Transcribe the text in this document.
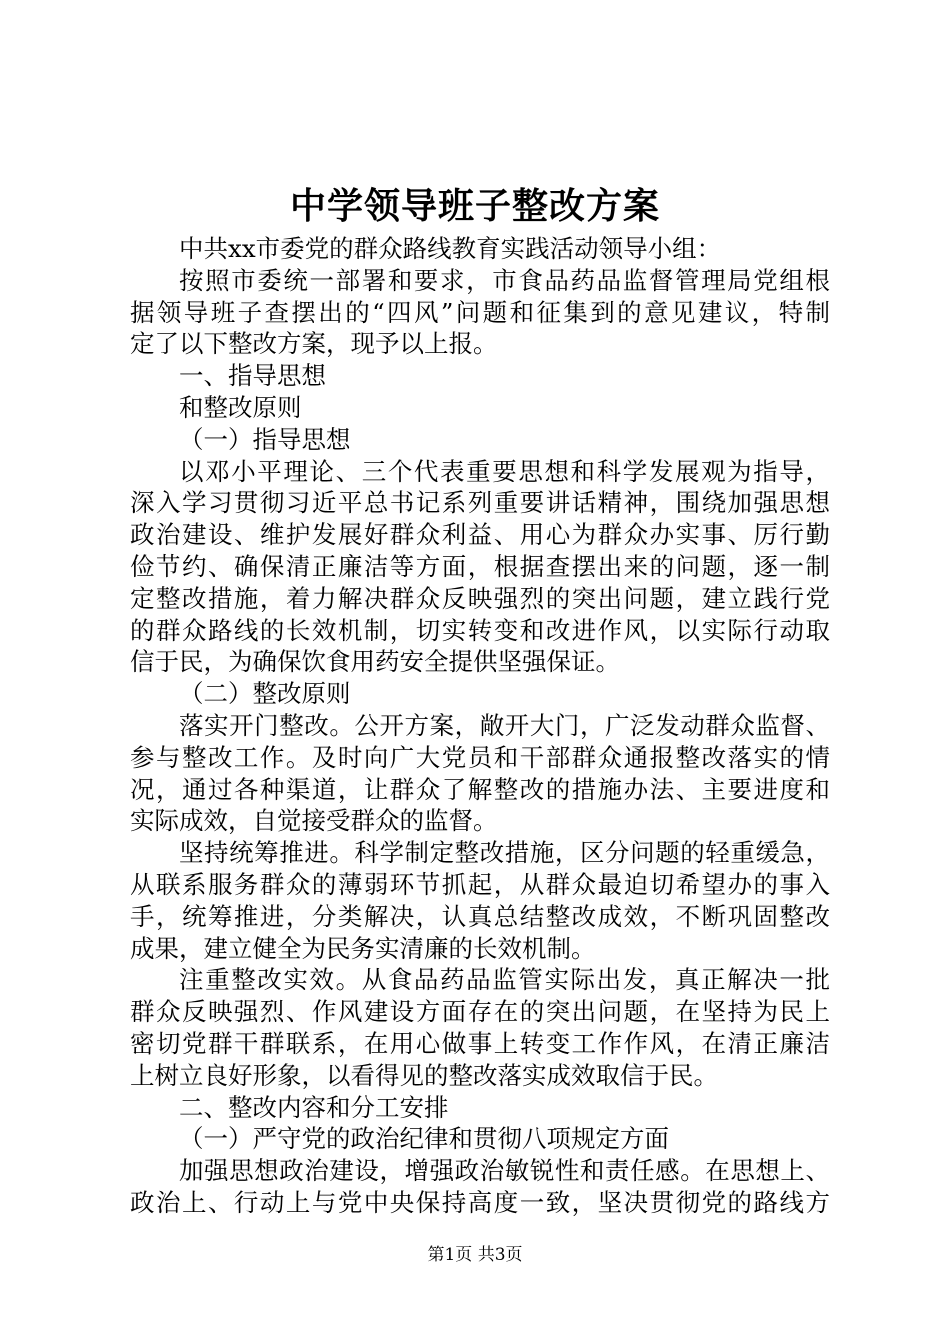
中学领导班子整改方案
中共xx市委党的群众路线教育实践活动领导小组：
按照市委统一部署和要求，市食品药品监督管理局党组根
据领导班子查摆出的“四风”问题和征集到的意见建议，特制
定了以下整改方案，现予以上报。
一、指导思想
和整改原则
（一）指导思想
以邓小平理论、三个代表重要思想和科学发展观为指导，
深入学习贯彻习近平总书记系列重要讲话精神，围绕加强思想
政治建设、维护发展好群众利益、用心为群众办实事、厉行勤
俭节约、确保清正廉洁等方面，根据查摆出来的问题，逐一制
定整改措施，着力解决群众反映强烈的突出问题，建立践行党
的群众路线的长效机制，切实转变和改进作风，以实际行动取
信于民，为确保饮食用药安全提供坚强保证。
（二）整改原则
落实开门整改。公开方案，敞开大门，广泛发动群众监督、
参与整改工作。及时向广大党员和干部群众通报整改落实的情
况，通过各种渠道，让群众了解整改的措施办法、主要进度和
实际成效，自觉接受群众的监督。
坚持统筹推进。科学制定整改措施，区分问题的轻重缓急，
从联系服务群众的薄弱环节抓起，从群众最迫切希望办的事入
手，统筹推进，分类解决，认真总结整改成效，不断巩固整改
成果，建立健全为民务实清廉的长效机制。
注重整改实效。从食品药品监管实际出发，真正解决一批
群众反映强烈、作风建设方面存在的突出问题，在坚持为民上
密切党群干群联系，在用心做事上转变工作作风，在清正廉洁
上树立良好形象，以看得见的整改落实成效取信于民。
二、整改内容和分工安排
（一）严守党的政治纪律和贯彻八项规定方面
加强思想政治建设，增强政治敏锐性和责任感。在思想上、
政治上、行动上与党中央保持高度一致，坚决贯彻党的路线方
第1页 共3页
